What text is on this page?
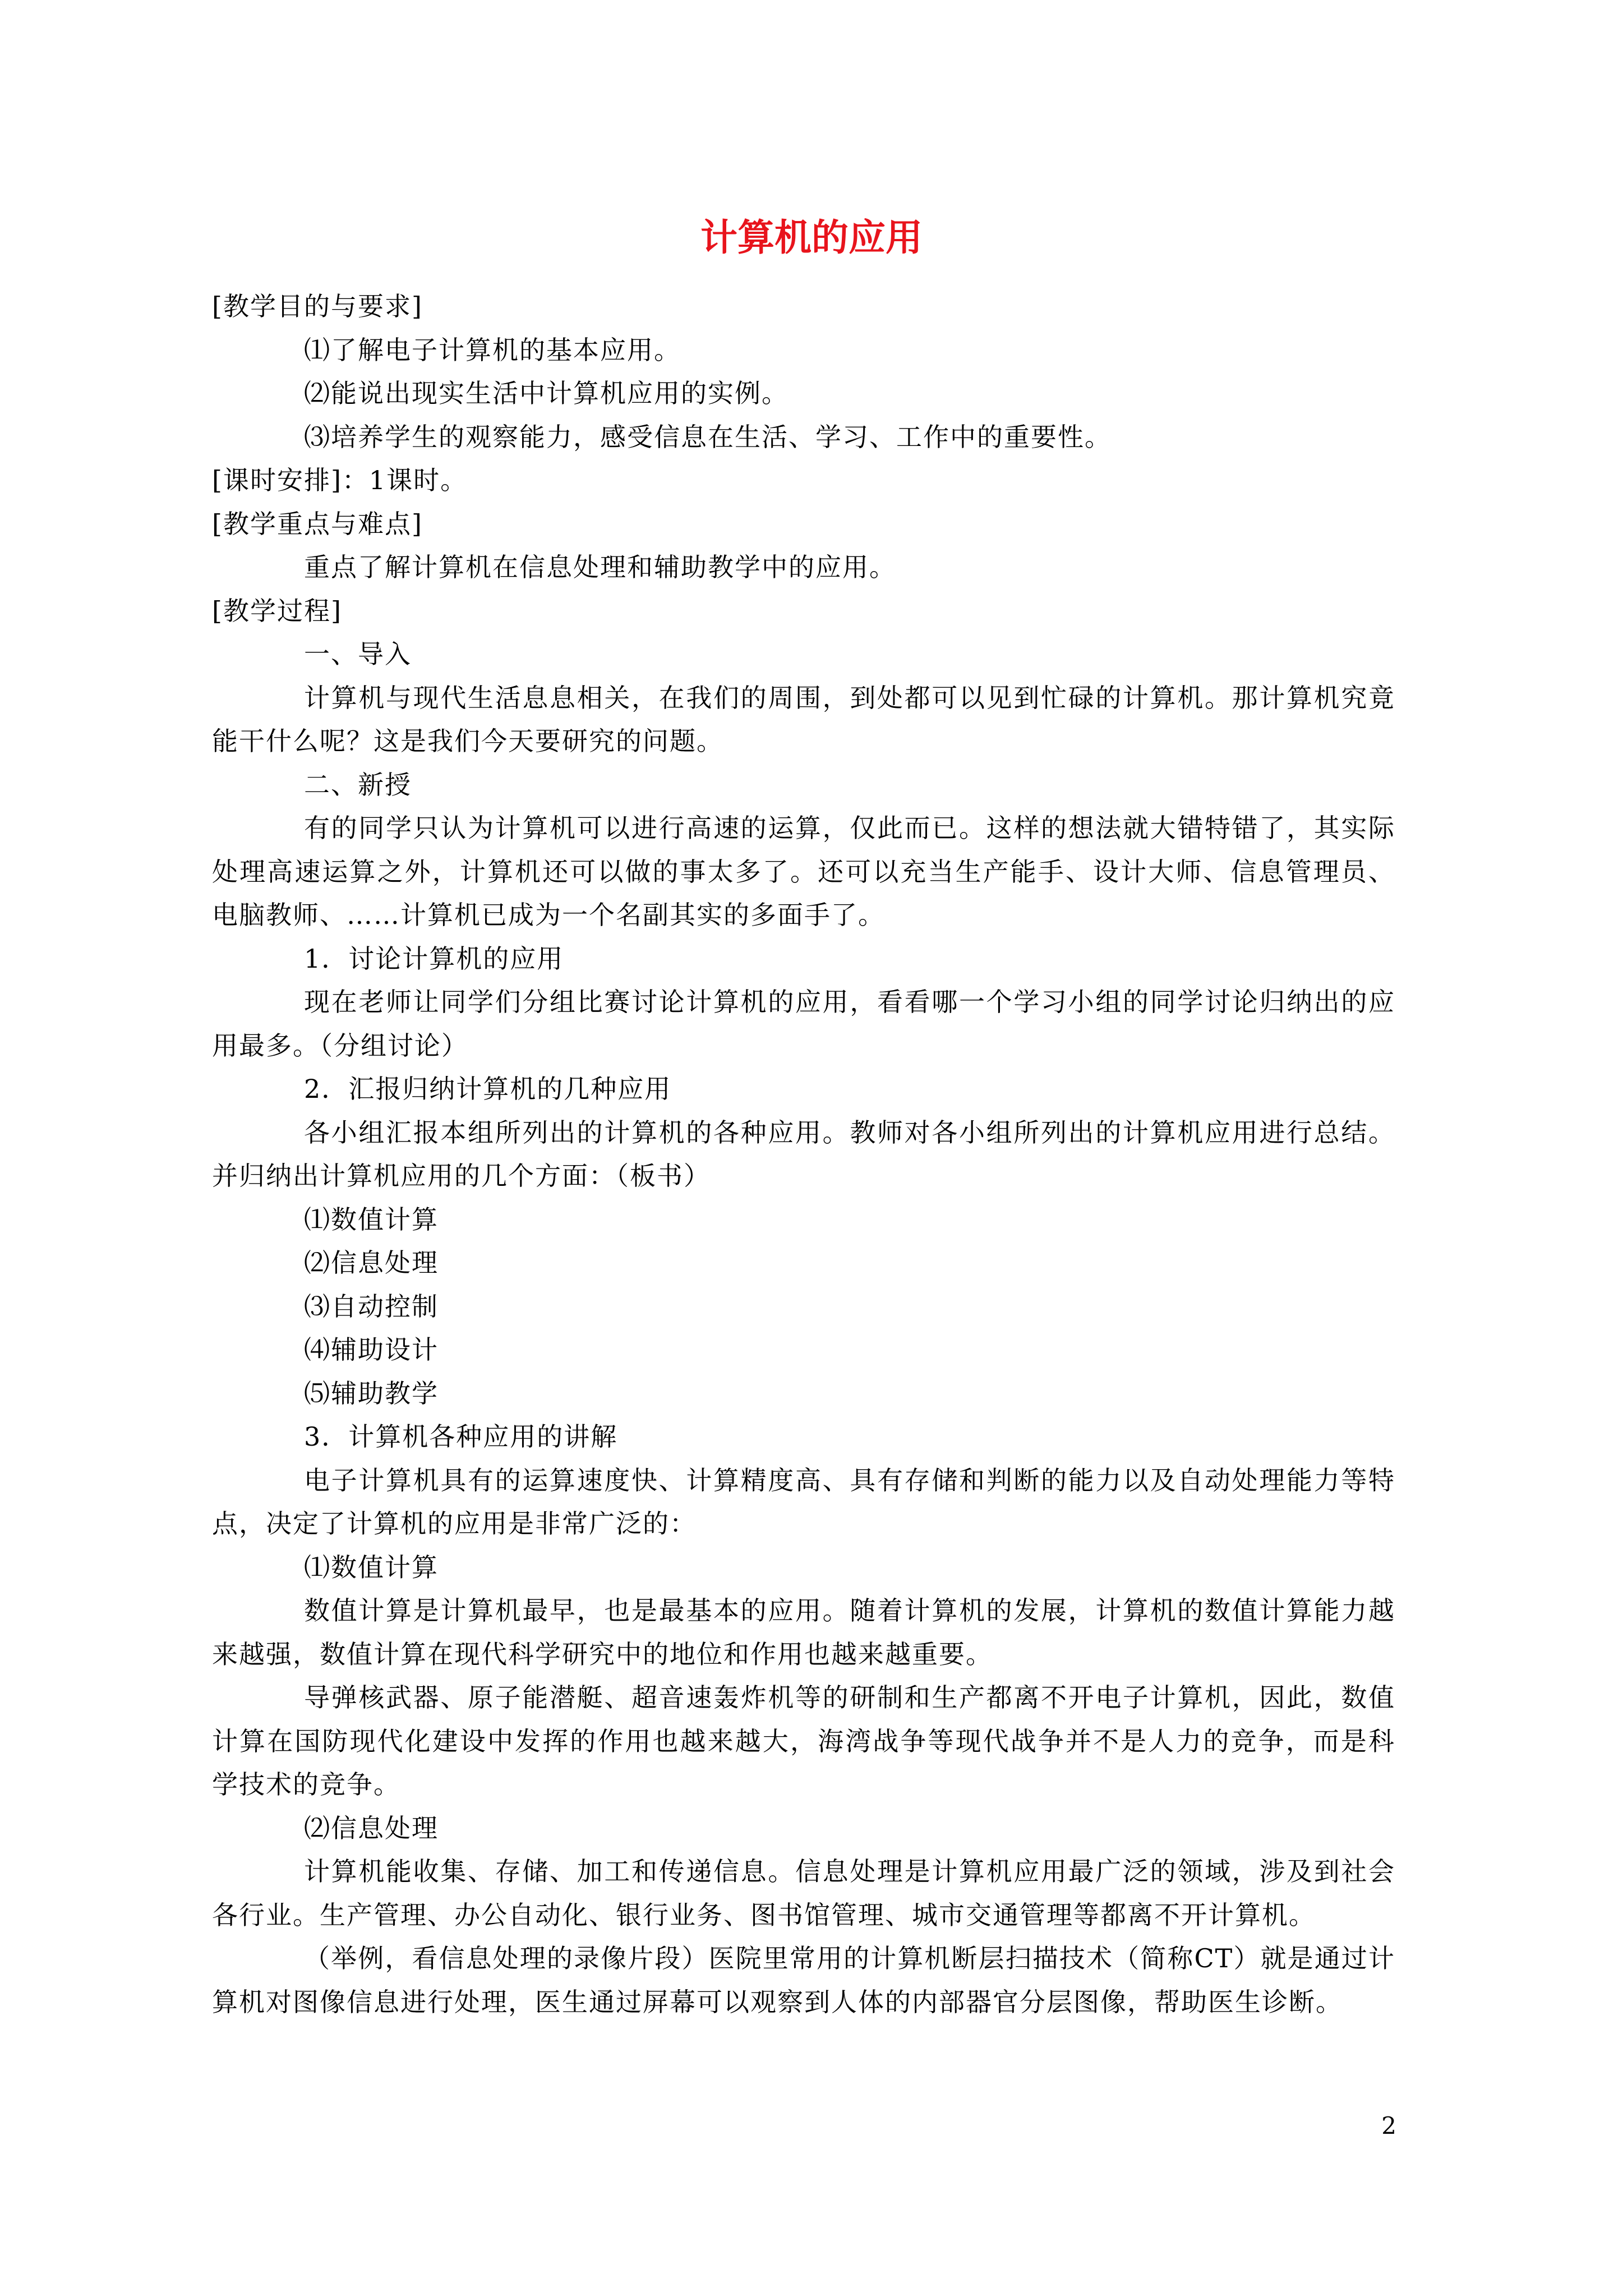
计算机的应用
[教学目的与要求]
⑴了解电子计算机的基本应用。
⑵能说出现实生活中计算机应用的实例。
⑶培养学生的观察能力，感受信息在生活、学习、工作中的重要性。
[课时安排]：1课时。
[教学重点与难点]
重点了解计算机在信息处理和辅助教学中的应用。
[教学过程]
一、导入
计算机与现代生活息息相关，在我们的周围，到处都可以见到忙碌的计算机。那计算机究竟能干什么呢？这是我们今天要研究的问题。
二、新授
有的同学只认为计算机可以进行高速的运算，仅此而已。这样的想法就大错特错了，其实际处理高速运算之外，计算机还可以做的事太多了。还可以充当生产能手、设计大师、信息管理员、电脑教师、……计算机已成为一个名副其实的多面手了。
1．讨论计算机的应用
现在老师让同学们分组比赛讨论计算机的应用，看看哪一个学习小组的同学讨论归纳出的应用最多。（分组讨论）
2．汇报归纳计算机的几种应用
各小组汇报本组所列出的计算机的各种应用。教师对各小组所列出的计算机应用进行总结。并归纳出计算机应用的几个方面：（板书）
⑴数值计算
⑵信息处理
⑶自动控制
⑷辅助设计
⑸辅助教学
3．计算机各种应用的讲解
电子计算机具有的运算速度快、计算精度高、具有存储和判断的能力以及自动处理能力等特点，决定了计算机的应用是非常广泛的：
⑴数值计算
数值计算是计算机最早，也是最基本的应用。随着计算机的发展，计算机的数值计算能力越来越强，数值计算在现代科学研究中的地位和作用也越来越重要。
导弹核武器、原子能潜艇、超音速轰炸机等的研制和生产都离不开电子计算机，因此，数值计算在国防现代化建设中发挥的作用也越来越大，海湾战争等现代战争并不是人力的竞争，而是科学技术的竞争。
⑵信息处理
计算机能收集、存储、加工和传递信息。信息处理是计算机应用最广泛的领域，涉及到社会各行业。生产管理、办公自动化、银行业务、图书馆管理、城市交通管理等都离不开计算机。
（举例，看信息处理的录像片段）医院里常用的计算机断层扫描技术（简称CT）就是通过计算机对图像信息进行处理，医生通过屏幕可以观察到人体的内部器官分层图像，帮助医生诊断。
2
